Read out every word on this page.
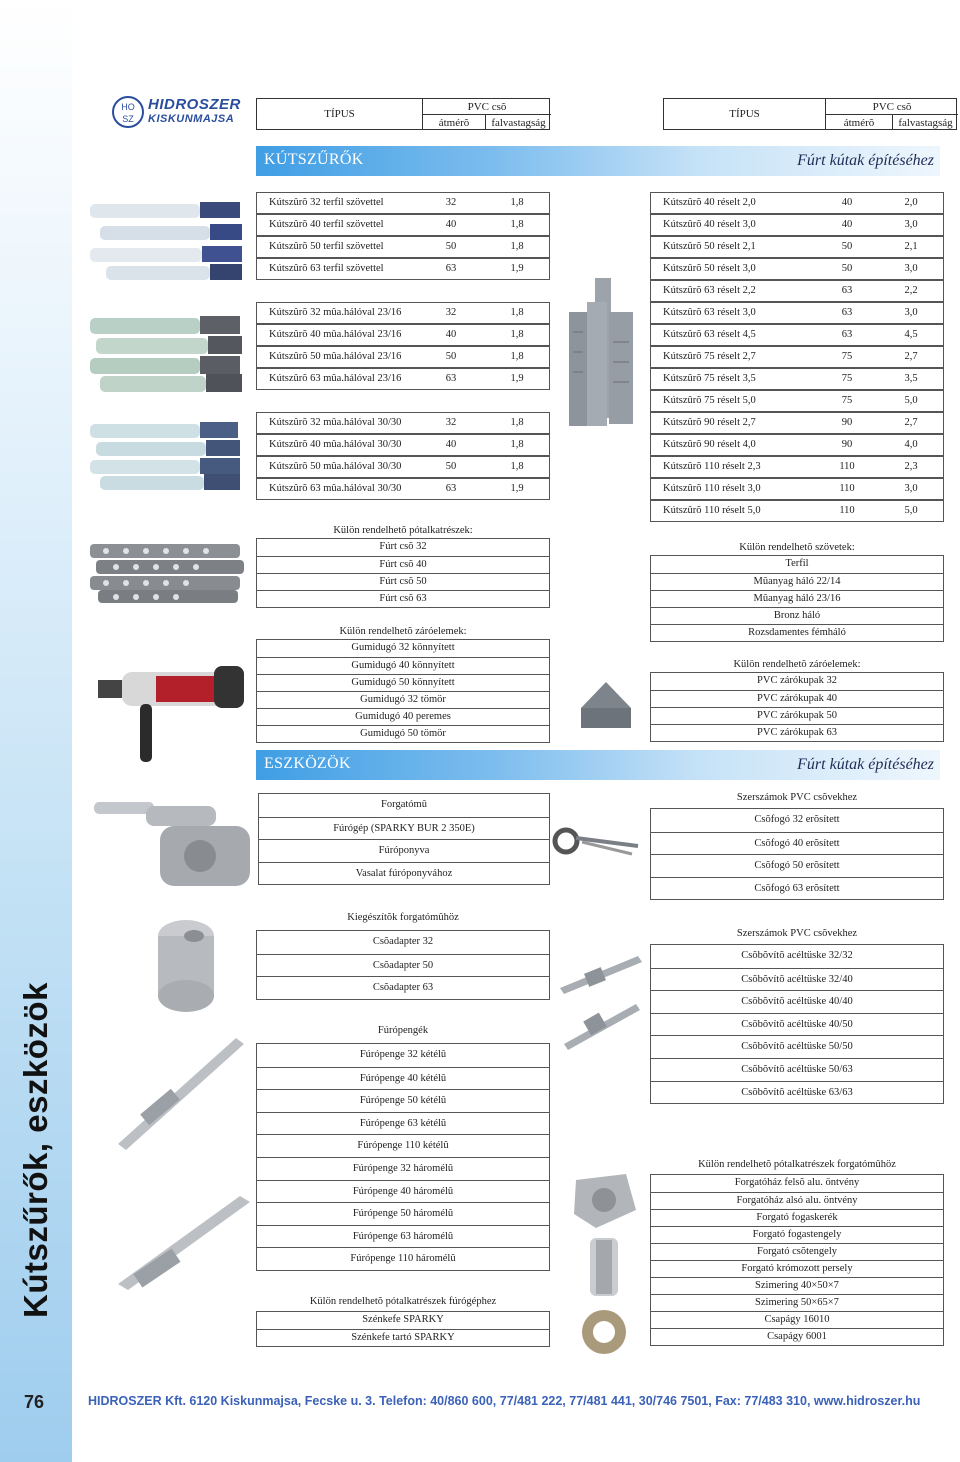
Kútszűrők, eszközök
76
HO
SZ
HIDROSZER
KISKUNMAJSA	TÍPUS
PVC csõ
átmérõ	falvastagság
TÍPUS
PVC csõ
átmérõ	falvastagság
KÚTSZŰRŐK	Fúrt kútak építéséhez
ESZKÖZÖK	Fúrt kútak építéséhez
Kútszûrõ 32 terfil szövettel	32	1,8
Kútszûrõ 40 terfil szövettel	40	1,8
Kútszûrõ 50 terfil szövettel	50	1,8
Kútszûrõ 63 terfil szövettel	63	1,9
Kútszûrõ 32 mûa.hálóval 23/16	32	1,8
Kútszûrõ 40 mûa.hálóval 23/16	40	1,8
Kútszûrõ 50 mûa.hálóval 23/16	50	1,8
Kútszûrõ 63 mûa.hálóval 23/16	63	1,9
Kútszûrõ 32 mûa.hálóval 30/30	32	1,8
Kútszûrõ 40 mûa.hálóval 30/30	40	1,8
Kútszûrõ 50 mûa.hálóval 30/30	50	1,8
Kútszûrõ 63 mûa.hálóval 30/30	63	1,9
Kútszûrõ 40 réselt 2,0	40	2,0
Kútszûrõ 40 réselt 3,0	40	3,0
Kútszûrõ 50 réselt 2,1	50	2,1
Kútszûrõ 50 réselt 3,0	50	3,0
Kútszûrõ 63 réselt 2,2	63	2,2
Kútszûrõ 63 réselt 3,0	63	3,0
Kútszûrõ 63 réselt 4,5	63	4,5
Kútszûrõ 75 réselt 2,7	75	2,7
Kútszûrõ 75 réselt 3,5	75	3,5
Kútszûrõ 75 réselt 5,0	75	5,0
Kútszûrõ 90 réselt 2,7	90	2,7
Kútszûrõ 90 réselt 4,0	90	4,0
Kútszûrõ 110 réselt 2,3	110	2,3
Kútszûrõ 110 réselt 3,0	110	3,0
Kútszûrõ 110 réselt 5,0	110	5,0
Külön rendelhetõ pótalkatrészek:
Fúrt csõ 32
Fúrt csõ 40
Fúrt csõ 50
Fúrt csõ 63
Külön rendelhetõ záróelemek:
Gumidugó 32 könnyített
Gumidugó 40 könnyített
Gumidugó 50 könnyített
Gumidugó 32 tömör
Gumidugó 40 peremes
Gumidugó 50 tömör
Külön rendelhetõ szövetek:
Terfil
Mûanyag háló 22/14
Mûanyag háló 23/16
Bronz háló
Rozsdamentes fémháló
Külön rendelhetõ záróelemek:
PVC zárókupak 32
PVC zárókupak 40
PVC zárókupak 50
PVC zárókupak 63
Forgatómû
Fúrógép (SPARKY BUR 2 350E)
Fúróponyva
Vasalat fúróponyvához
Szerszámok PVC csõvekhez
Csõfogó 32 erõsített
Csõfogó 40 erõsített
Csõfogó 50 erõsített
Csõfogó 63 erõsített
Kiegészítõk forgatómûhöz
Csõadapter 32
Csõadapter 50
Csõadapter 63
Fúrópengék
Fúrópenge 32 kétélû
Fúrópenge 40 kétélû
Fúrópenge 50 kétélû
Fúrópenge 63 kétélû
Fúrópenge 110 kétélû
Fúrópenge 32 háromélû
Fúrópenge 40 háromélû
Fúrópenge 50 háromélû
Fúrópenge 63 háromélû
Fúrópenge 110 háromélû
Külön rendelhetõ pótalkatrészek fúrógéphez
Szénkefe SPARKY
Szénkefe tartó SPARKY
Szerszámok PVC csõvekhez
Csõbõvítõ acéltüske 32/32
Csõbõvítõ acéltüske 32/40
Csõbõvítõ acéltüske 40/40
Csõbõvítõ acéltüske 40/50
Csõbõvítõ acéltüske 50/50
Csõbõvítõ acéltüske 50/63
Csõbõvítõ acéltüske 63/63
Külön rendelhetõ pótalkatrészek forgatómûhöz
Forgatóház felsõ alu. öntvény
Forgatóház alsó alu. öntvény
Forgató fogaskerék
Forgató fogastengely
Forgató csõtengely
Forgató krómozott persely
Szimering 40×50×7
Szimering 50×65×7
Csapágy 16010
Csapágy 6001
HIDROSZER Kft. 6120 Kiskunmajsa, Fecske u. 3. Telefon: 40/860 600, 77/481 222, 77/481 441, 30/746 7501, Fax: 77/483 310, www.hidroszer.hu
